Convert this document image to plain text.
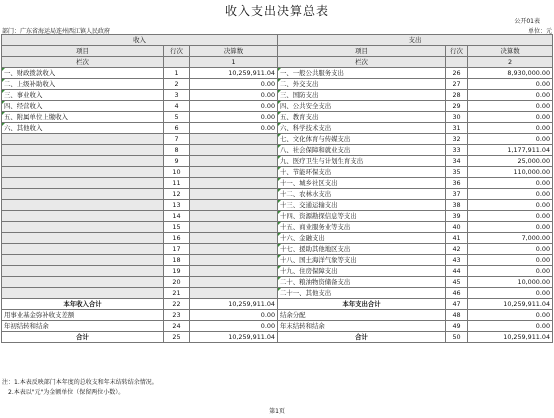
收入支出决算总表
公开01表
部门：广东省海运局连州西江镇人民政府	单位：元
收入			支出		
项目	行次	决算数	项目	行次	决算数
栏次		1	栏次		2
一、财政拨款收入	1	10,259,911.04	一、一般公共服务支出	26	8,930,000.00
二、上级补助收入	2	0.00	二、外交支出	27	0.00
三、事业收入	3	0.00	三、国防支出	28	0.00
四、经营收入	4	0.00	四、公共安全支出	29	0.00
五、附属单位上缴收入	5	0.00	五、教育支出	30	0.00
六、其他收入	6	0.00	六、科学技术支出	31	0.00
	7		七、文化体育与传媒支出	32	0.00
	8		八、社会保障和就业支出	33	1,177,911.04
	9		九、医疗卫生与计划生育支出	34	25,000.00
	10		十、节能环保支出	35	110,000.00
	11		十一、城乡社区支出	36	0.00
	12		十二、农林水支出	37	0.00
	13		十三、交通运输支出	38	0.00
	14		十四、资源勘探信息等支出	39	0.00
	15		十五、商业服务业等支出	40	0.00
	16		十六、金融支出	41	7,000.00
	17		十七、援助其他地区支出	42	0.00
	18		十八、国土海洋气象等支出	43	0.00
	19		十九、住房保障支出	44	0.00
	20		二十、粮油物资储备支出	45	10,000.00
	21		二十一、其他支出	46	0.00
本年收入合计	22	10,259,911.04	本年支出合计	47	10,259,911.04
用事业基金弥补收支差额	23	0.00	结余分配	48	0.00
年初结转和结余	24	0.00	年末结转和结余	49	0.00
合计	25	10,259,911.04	合计	50	10,259,911.04
注：1.本表反映部门本年度的总收支和年末结转结余情况。
2.本表以"元"为金额单位（保留两位小数）。
第1页
